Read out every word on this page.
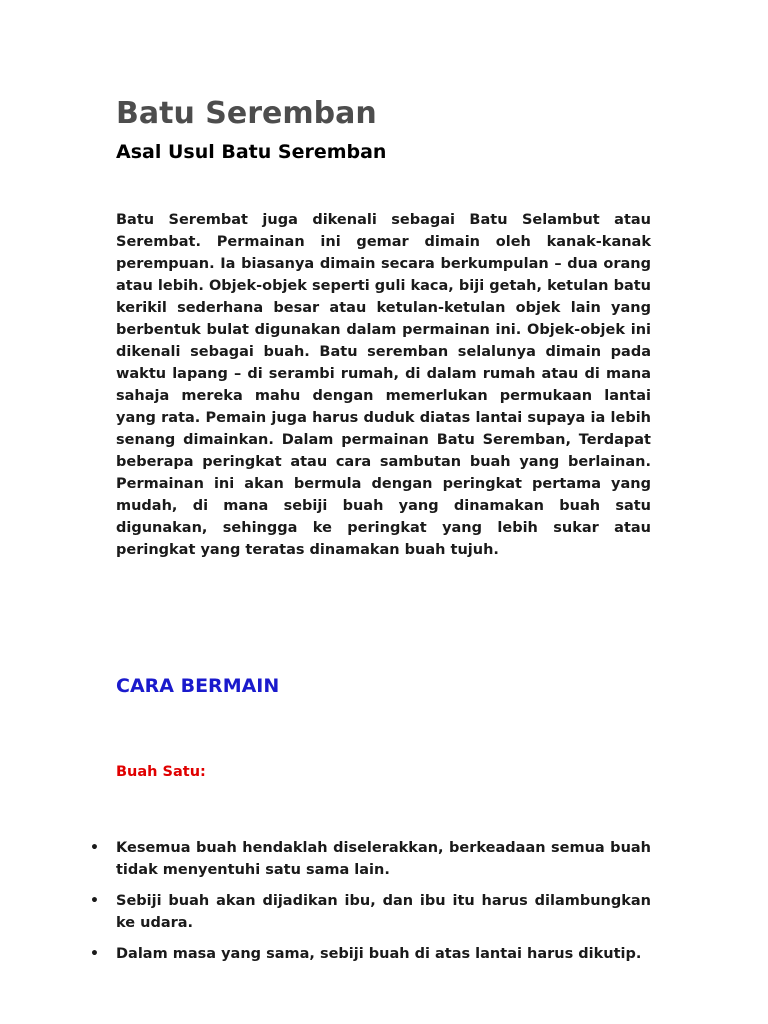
Batu Seremban
Asal Usul Batu Seremban

Batu Serembat juga dikenali sebagai Batu Selambut atau Serembat. Permainan ini gemar dimain oleh kanak-kanak perempuan. Ia biasanya dimain secara berkumpulan – dua orang atau lebih. Objek-objek seperti guli kaca, biji getah, ketulan batu kerikil sederhana besar atau ketulan-ketulan objek lain yang berbentuk bulat digunakan dalam permainan ini. Objek-objek ini dikenali sebagai buah. Batu seremban selalunya dimain pada waktu lapang – di serambi rumah, di dalam rumah atau di mana sahaja mereka mahu dengan memerlukan permukaan lantai yang rata. Pemain juga harus duduk diatas lantai supaya ia lebih senang dimainkan. Dalam permainan Batu Seremban, Terdapat beberapa peringkat atau cara sambutan buah yang berlainan. Permainan ini akan bermula dengan peringkat pertama yang mudah, di mana sebiji buah yang dinamakan buah satu digunakan, sehingga ke peringkat yang lebih sukar atau peringkat yang teratas dinamakan buah tujuh.

CARA BERMAIN
Buah Satu:
• Kesemua buah hendaklah diselerakkan, berkeadaan semua buah tidak menyentuhi satu sama lain.
• Sebiji buah akan dijadikan ibu, dan ibu itu harus dilambungkan ke udara.
• Dalam masa yang sama, sebiji buah di atas lantai harus dikutip.
